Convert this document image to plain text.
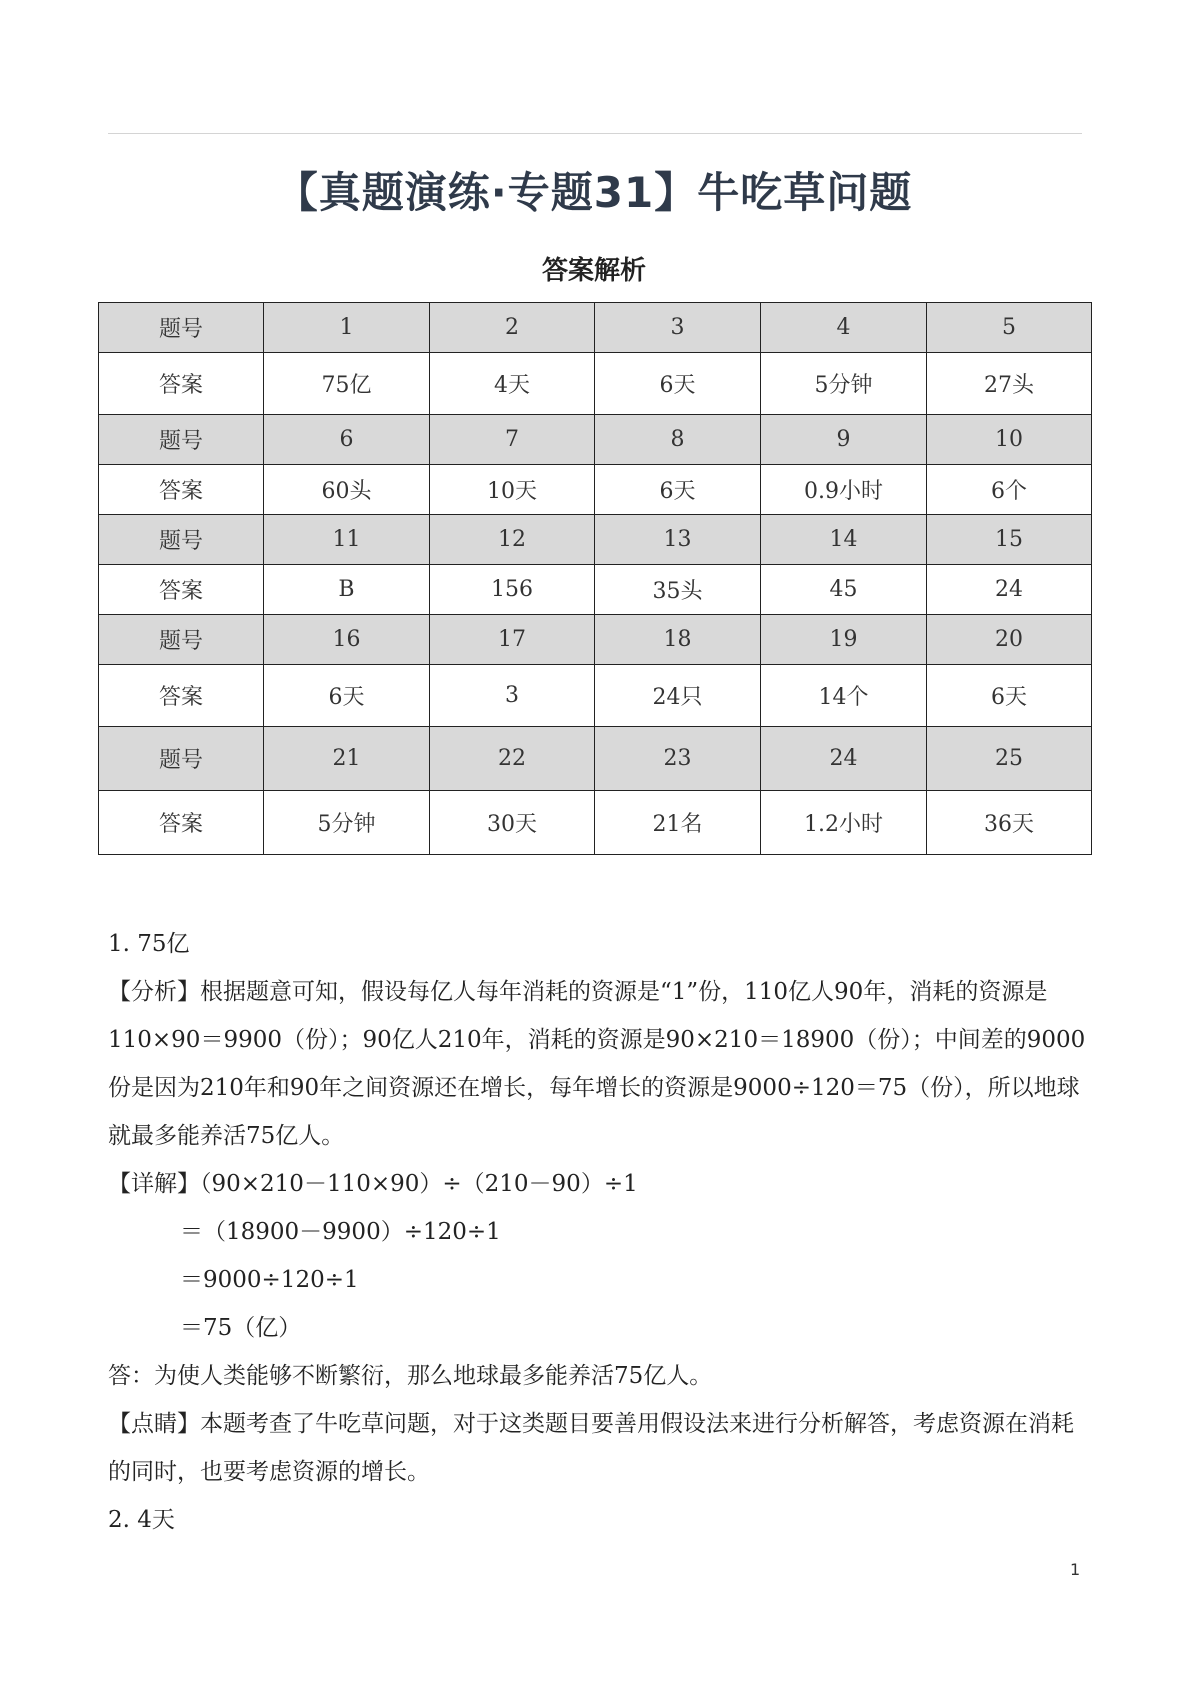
【真题演练·专题31】牛吃草问题
答案解析
题号	1	2	3	4	5
答案	75亿	4天	6天	5分钟	27头
题号	6	7	8	9	10
答案	60头	10天	6天	0.9小时	6个
题号	11	12	13	14	15
答案	B	156	35头	45	24
题号	16	17	18	19	20
答案	6天	3	24只	14个	6天
题号	21	22	23	24	25
答案	5分钟	30天	21名	1.2小时	36天

1. 75亿

【分析】根据题意可知，假设每亿人每年消耗的资源是“1”份，110亿人90年，消耗的资源是110×90＝9900（份）；90亿人210年，消耗的资源是90×210＝18900（份）；中间差的9000份是因为210年和90年之间资源还在增长，每年增长的资源是9000÷120＝75（份），所以地球就最多能养活75亿人。

【详解】（90×210－110×90）÷（210－90）÷1

＝（18900－9900）÷120÷1

＝9000÷120÷1

＝75（亿）

答：为使人类能够不断繁衍，那么地球最多能养活75亿人。

【点睛】本题考查了牛吃草问题，对于这类题目要善用假设法来进行分析解答，考虑资源在消耗的同时，也要考虑资源的增长。

2. 4天

1
